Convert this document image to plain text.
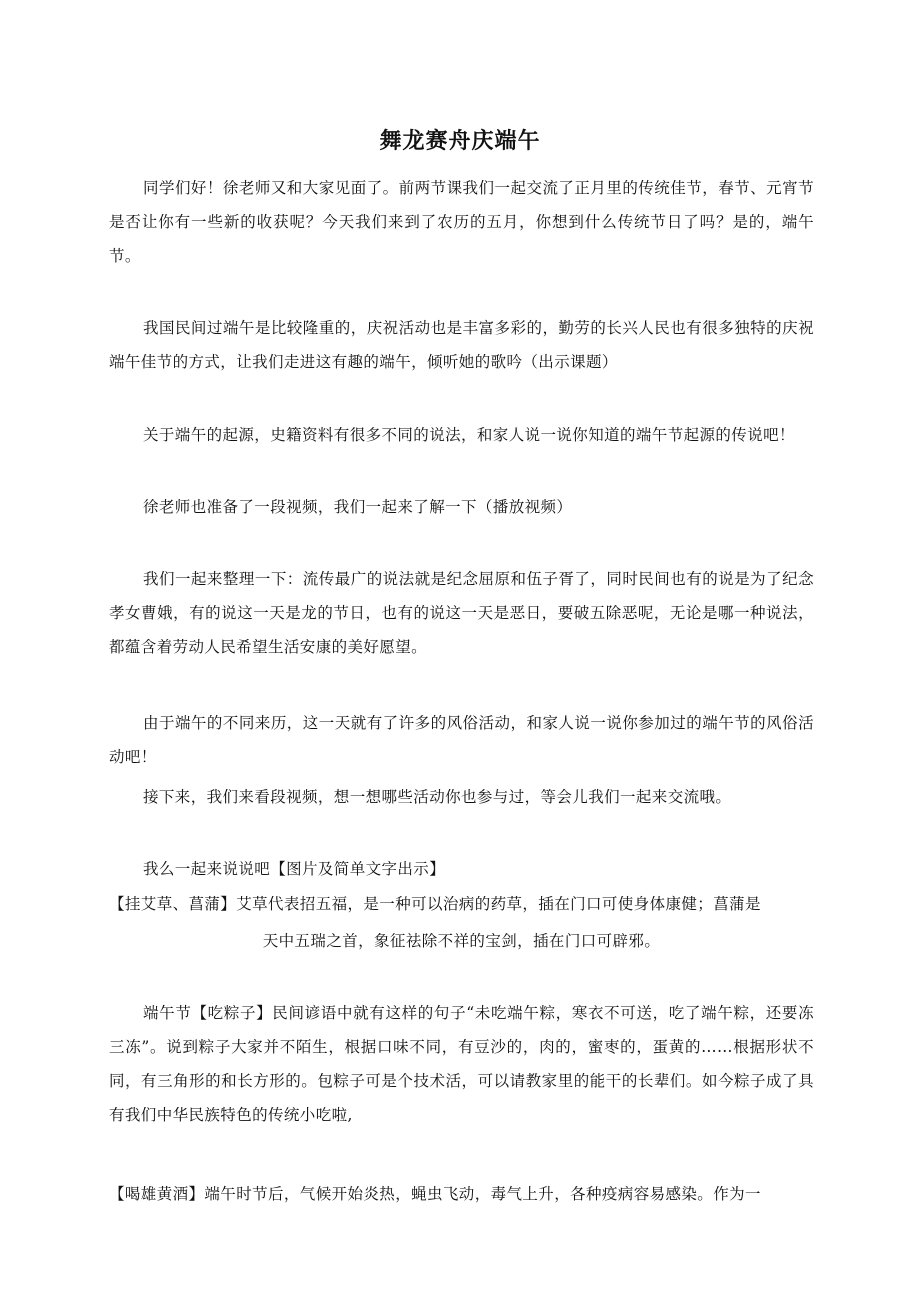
舞龙赛舟庆端午

同学们好！徐老师又和大家见面了。前两节课我们一起交流了正月里的传统佳节，春节、元宵节是否让你有一些新的收获呢？今天我们来到了农历的五月，你想到什么传统节日了吗？是的，端午节。

我国民间过端午是比较隆重的，庆祝活动也是丰富多彩的，勤劳的长兴人民也有很多独特的庆祝端午佳节的方式，让我们走进这有趣的端午，倾听她的歌吟（出示课题）

关于端午的起源，史籍资料有很多不同的说法，和家人说一说你知道的端午节起源的传说吧！

徐老师也准备了一段视频，我们一起来了解一下（播放视频）

我们一起来整理一下：流传最广的说法就是纪念屈原和伍子胥了，同时民间也有的说是为了纪念孝女曹娥，有的说这一天是龙的节日，也有的说这一天是恶日，要破五除恶呢，无论是哪一种说法，都蕴含着劳动人民希望生活安康的美好愿望。

由于端午的不同来历，这一天就有了许多的风俗活动，和家人说一说你参加过的端午节的风俗活动吧！

接下来，我们来看段视频，想一想哪些活动你也参与过，等会儿我们一起来交流哦。

我么一起来说说吧【图片及简单文字出示】

【挂艾草、菖蒲】艾草代表招五福，是一种可以治病的药草，插在门口可使身体康健；菖蒲是

天中五瑞之首，象征祛除不祥的宝剑，插在门口可辟邪。

端午节【吃粽子】民间谚语中就有这样的句子“未吃端午粽，寒衣不可送，吃了端午粽，还要冻三冻”。说到粽子大家并不陌生，根据口味不同，有豆沙的，肉的，蜜枣的，蛋黄的……根据形状不同，有三角形的和长方形的。包粽子可是个技术活，可以请教家里的能干的长辈们。如今粽子成了具有我们中华民族特色的传统小吃啦,

【喝雄黄酒】端午时节后，气候开始炎热，蝇虫飞动，毒气上升，各种疫病容易感染。作为一
